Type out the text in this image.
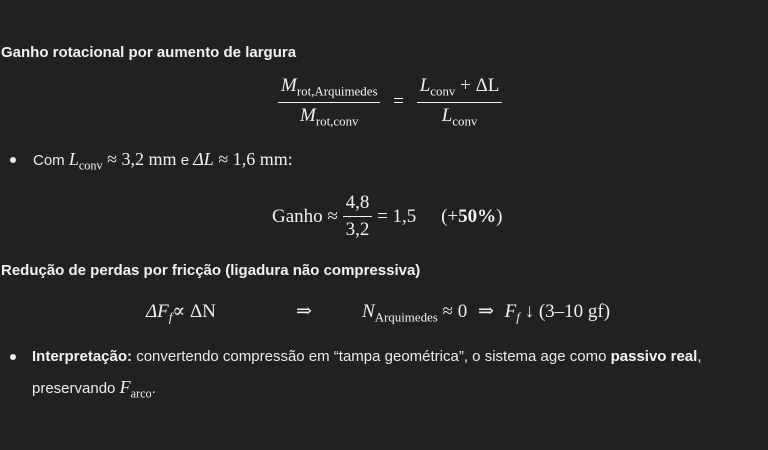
Ganho rotacional por aumento de largura
$\frac{M_{rot,Arquimedes}}{M_{rot,conv}} = \frac{L_{conv} + \Delta L}{L_{conv}}$
Com $L_{conv} \approx 3,2$ mm e ΔL ≈ 1,6 mm:
Ganho ≈ $\frac{4,8}{3,2} = 1,5$ (+50%)
Redução de perdas por fricção (ligadura não compressiva)
$\Delta F_f\propto \Delta N$	⇒	$N_{Arquimedes} \approx 0$ ⇒ $F_f$ ↓ (3–10 gf)
Interpretação: convertendo compressão em “tampa geométrica”, o sistema age como passivo real,
preservando $F_{arco}$.
